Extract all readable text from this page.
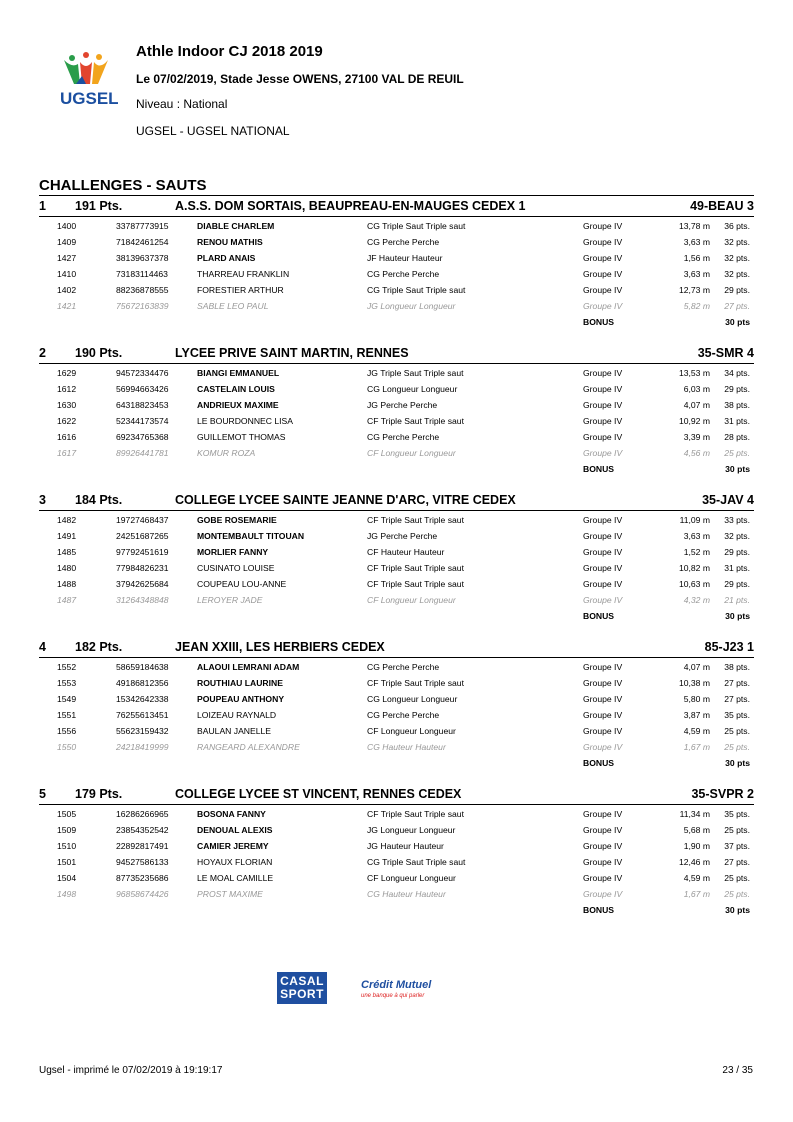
UGSEL
Athle Indoor CJ 2018 2019
Le 07/02/2019, Stade Jesse OWENS, 27100 VAL DE REUIL
Niveau : National
UGSEL - UGSEL NATIONAL
CHALLENGES - SAUTS
1 191 Pts.	A.S.S. DOM SORTAIS, BEAUPREAU-EN-MAUGES CEDEX 1	49-BEAU 3
1400	33787773915	DIABLE CHARLEM	CG Triple Saut Triple saut	Groupe IV	13,78 m 36 pts.
1409	71842461254	RENOU MATHIS	CG Perche Perche	Groupe IV	3,63 m 32 pts.
1427	38139637378	PLARD ANAIS	JF Hauteur Hauteur	Groupe IV	1,56 m 32 pts.
1410	73183114463	THARREAU FRANKLIN	CG Perche Perche	Groupe IV	3,63 m 32 pts.
1402	88236878555	FORESTIER ARTHUR	CG Triple Saut Triple saut	Groupe IV	12,73 m 29 pts.
1421	75672163839	SABLE LEO PAUL	JG Longueur Longueur	Groupe IV	5,82 m 27 pts.
BONUS	30 pts
2 190 Pts.	LYCEE PRIVE SAINT MARTIN, RENNES	35-SMR 4
1629	94572334476	BIANGI EMMANUEL	JG Triple Saut Triple saut	Groupe IV	13,53 m 34 pts.
1612	56994663426	CASTELAIN LOUIS	CG Longueur Longueur	Groupe IV	6,03 m 29 pts.
1630	64318823453	ANDRIEUX MAXIME	JG Perche Perche	Groupe IV	4,07 m 38 pts.
1622	52344173574	LE BOURDONNEC LISA	CF Triple Saut Triple saut	Groupe IV	10,92 m 31 pts.
1616	69234765368	GUILLEMOT THOMAS	CG Perche Perche	Groupe IV	3,39 m 28 pts.
1617	89926441781	KOMUR ROZA	CF Longueur Longueur	Groupe IV	4,56 m 25 pts.
BONUS	30 pts
3 184 Pts.	COLLEGE LYCEE SAINTE JEANNE D'ARC, VITRE CEDEX	35-JAV 4
1482	19727468437	GOBE ROSEMARIE	CF Triple Saut Triple saut	Groupe IV	11,09 m 33 pts.
1491	24251687265	MONTEMBAULT TITOUAN	JG Perche Perche	Groupe IV	3,63 m 32 pts.
1485	97792451619	MORLIER FANNY	CF Hauteur Hauteur	Groupe IV	1,52 m 29 pts.
1480	77984826231	CUSINATO LOUISE	CF Triple Saut Triple saut	Groupe IV	10,82 m 31 pts.
1488	37942625684	COUPEAU LOU-ANNE	CF Triple Saut Triple saut	Groupe IV	10,63 m 29 pts.
1487	31264348848	LEROYER JADE	CF Longueur Longueur	Groupe IV	4,32 m 21 pts.
BONUS	30 pts
4 182 Pts.	JEAN XXIII, LES HERBIERS CEDEX	85-J23 1
1552	58659184638	ALAOUI LEMRANI ADAM	CG Perche Perche	Groupe IV	4,07 m 38 pts.
1553	49186812356	ROUTHIAU LAURINE	CF Triple Saut Triple saut	Groupe IV	10,38 m 27 pts.
1549	15342642338	POUPEAU ANTHONY	CG Longueur Longueur	Groupe IV	5,80 m 27 pts.
1551	76255613451	LOIZEAU RAYNALD	CG Perche Perche	Groupe IV	3,87 m 35 pts.
1556	55623159432	BAULAN JANELLE	CF Longueur Longueur	Groupe IV	4,59 m 25 pts.
1550	24218419999	RANGEARD ALEXANDRE	CG Hauteur Hauteur	Groupe IV	1,67 m 25 pts.
BONUS	30 pts
5 179 Pts.	COLLEGE LYCEE ST VINCENT, RENNES CEDEX	35-SVPR 2
1505	16286266965	BOSONA FANNY	CF Triple Saut Triple saut	Groupe IV	11,34 m 35 pts.
1509	23854352542	DENOUAL ALEXIS	JG Longueur Longueur	Groupe IV	5,68 m 25 pts.
1510	22892817491	CAMIER JEREMY	JG Hauteur Hauteur	Groupe IV	1,90 m 37 pts.
1501	94527586133	HOYAUX FLORIAN	CG Triple Saut Triple saut	Groupe IV	12,46 m 27 pts.
1504	87735235686	LE MOAL CAMILLE	CF Longueur Longueur	Groupe IV	4,59 m 25 pts.
1498	96858674426	PROST MAXIME	CG Hauteur Hauteur	Groupe IV	1,67 m 25 pts.
BONUS	30 pts
CASAL
SPORT
Crédit Mutuel
une banque à qui parler
Ugsel - imprimé le 07/02/2019 à 19:19:17	23 / 35
